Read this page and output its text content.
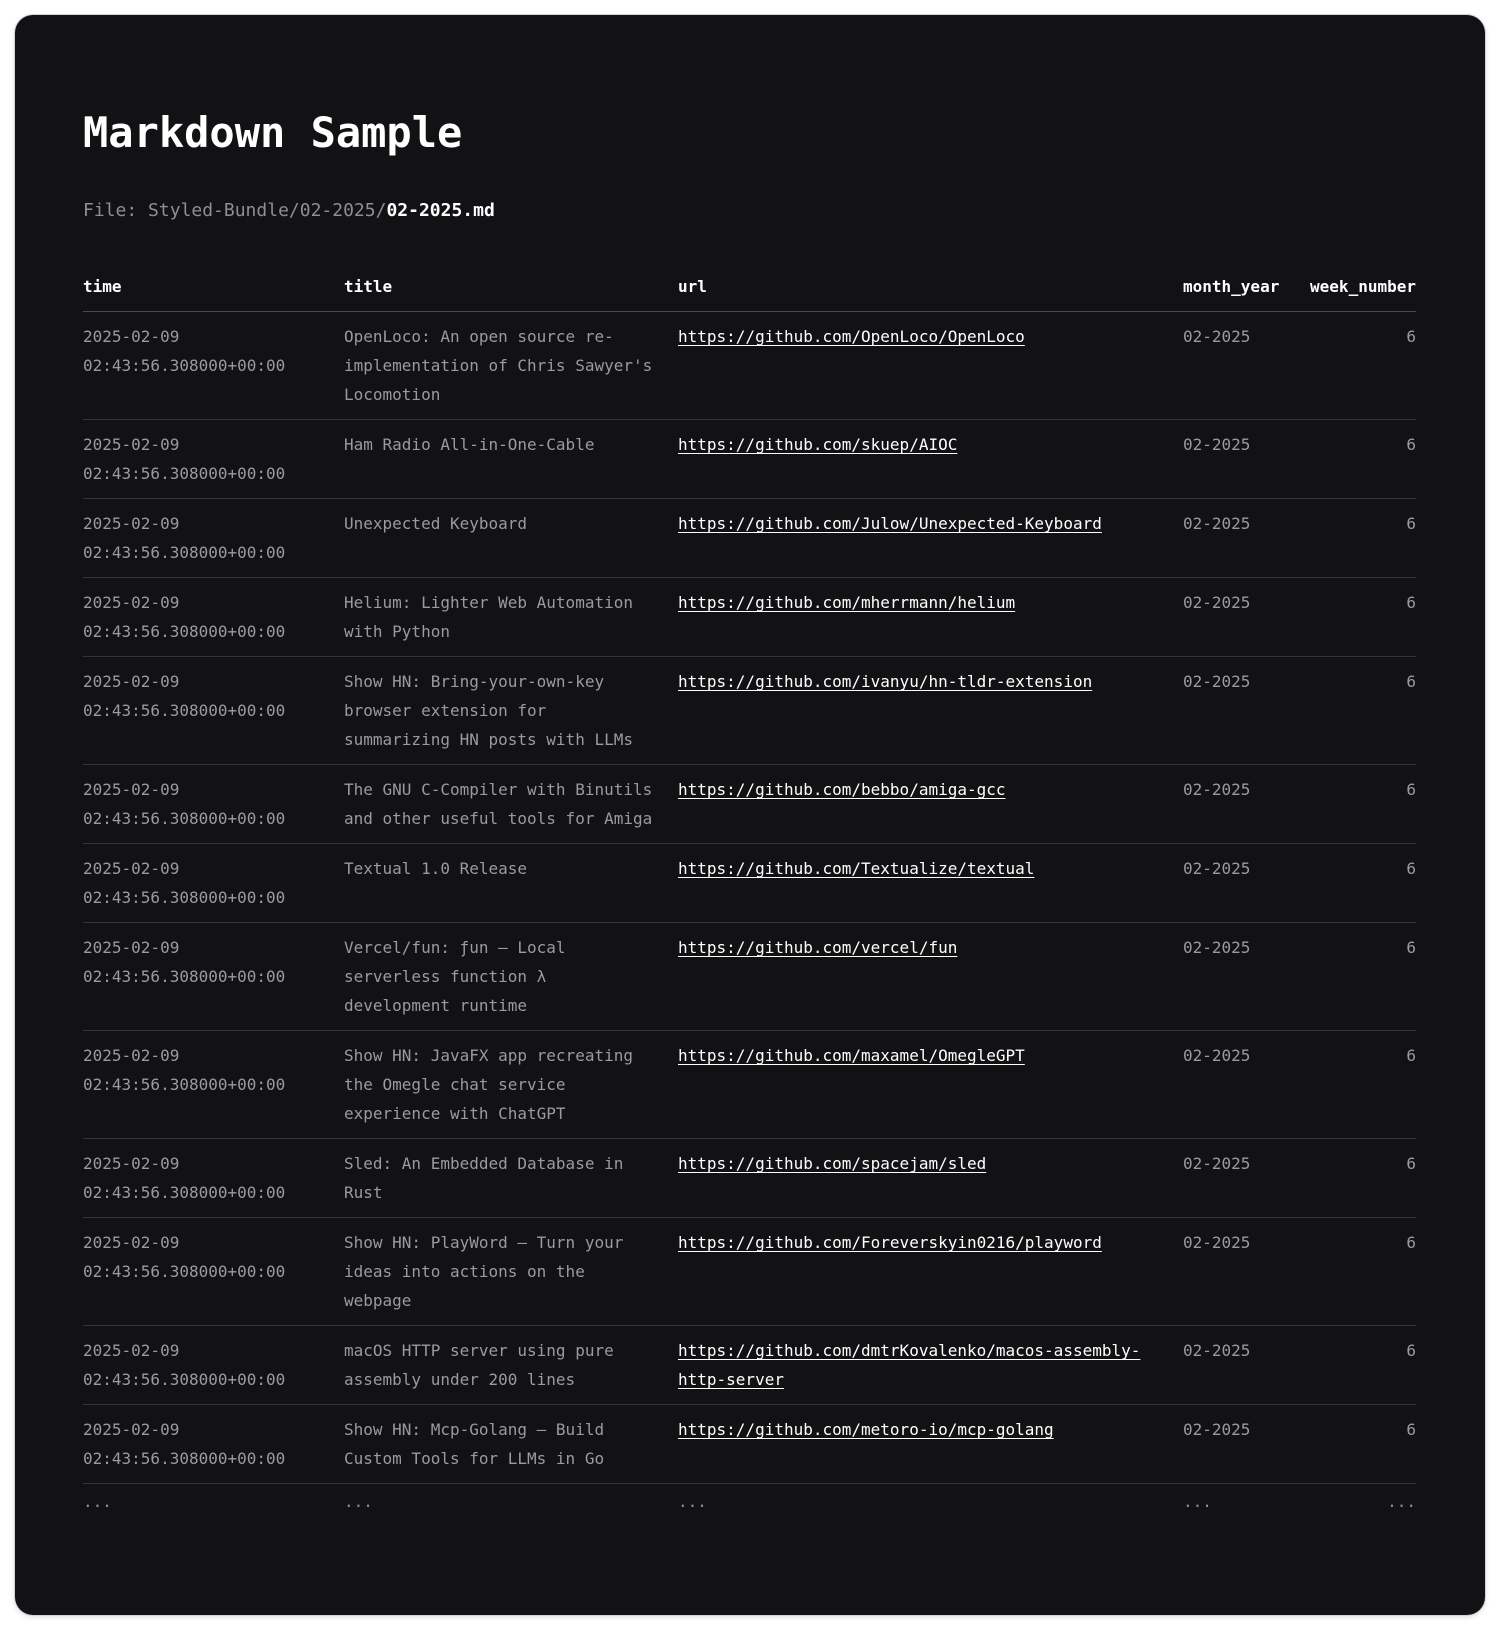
Markdown Sample
File: Styled-Bundle/02-2025/02-2025.md
time	title	url	month_year	week_number
2025-02-09 02:43:56.308000+00:00	OpenLoco: An open source re-implementation of Chris Sawyer's Locomotion	https://github.com/OpenLoco/OpenLoco	02-2025	6
2025-02-09 02:43:56.308000+00:00	Ham Radio All-in-One-Cable	https://github.com/skuep/AIOC	02-2025	6
2025-02-09 02:43:56.308000+00:00	Unexpected Keyboard	https://github.com/Julow/Unexpected-Keyboard	02-2025	6
2025-02-09 02:43:56.308000+00:00	Helium: Lighter Web Automation with Python	https://github.com/mherrmann/helium	02-2025	6
2025-02-09 02:43:56.308000+00:00	Show HN: Bring-your-own-key browser extension for summarizing HN posts with LLMs	https://github.com/ivanyu/hn-tldr-extension	02-2025	6
2025-02-09 02:43:56.308000+00:00	The GNU C-Compiler with Binutils and other useful tools for Amiga	https://github.com/bebbo/amiga-gcc	02-2025	6
2025-02-09 02:43:56.308000+00:00	Textual 1.0 Release	https://github.com/Textualize/textual	02-2025	6
2025-02-09 02:43:56.308000+00:00	Vercel/fun: ƒun – Local serverless function λ development runtime	https://github.com/vercel/fun	02-2025	6
2025-02-09 02:43:56.308000+00:00	Show HN: JavaFX app recreating the Omegle chat service experience with ChatGPT	https://github.com/maxamel/OmegleGPT	02-2025	6
2025-02-09 02:43:56.308000+00:00	Sled: An Embedded Database in Rust	https://github.com/spacejam/sled	02-2025	6
2025-02-09 02:43:56.308000+00:00	Show HN: PlayWord – Turn your ideas into actions on the webpage	https://github.com/Foreverskyin0216/playword	02-2025	6
2025-02-09 02:43:56.308000+00:00	macOS HTTP server using pure assembly under 200 lines	https://github.com/dmtrKovalenko/macos-assembly-http-server	02-2025	6
2025-02-09 02:43:56.308000+00:00	Show HN: Mcp-Golang – Build Custom Tools for LLMs in Go	https://github.com/metoro-io/mcp-golang	02-2025	6
...	...	...	...	...
